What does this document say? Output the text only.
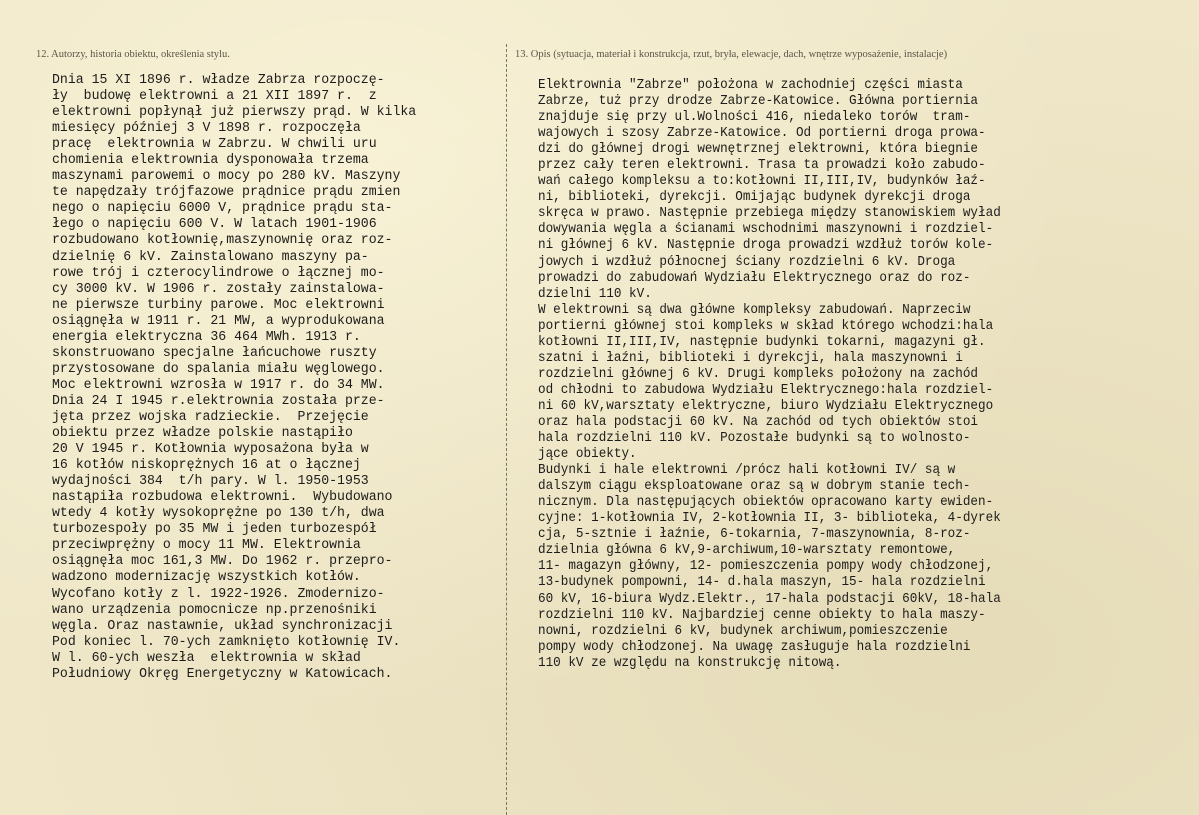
12. Autorzy, historia obiektu, określenia stylu.	13. Opis (sytuacja, materiał i konstrukcja, rzut, bryła, elewacje, dach, wnętrze wyposażenie, instalacje)
Dnia 15 XI 1896 r. władze Zabrza rozpoczę-
ły  budowę elektrowni a 21 XII 1897 r.  z
elektrowni popłynął już pierwszy prąd. W kilka
miesięcy później 3 V 1898 r. rozpoczęła
pracę  elektrownia w Zabrzu. W chwili uru
chomienia elektrownia dysponowała trzema
maszynami parowemi o mocy po 280 kV. Maszyny
te napędzały trójfazowe prądnice prądu zmien
nego o napięciu 6000 V, prądnice prądu sta-
łego o napięciu 600 V. W latach 1901-1906
rozbudowano kotłownię,maszynownię oraz roz-
dzielnię 6 kV. Zainstalowano maszyny pa-
rowe trój i czterocylindrowe o łącznej mo-
cy 3000 kV. W 1906 r. zostały zainstalowa-
ne pierwsze turbiny parowe. Moc elektrowni
osiągnęła w 1911 r. 21 MW, a wyprodukowana
energia elektryczna 36 464 MWh. 1913 r.
skonstruowano specjalne łańcuchowe ruszty
przystosowane do spalania miału węglowego.
Moc elektrowni wzrosła w 1917 r. do 34 MW.
Dnia 24 I 1945 r.elektrownia została prze-
jęta przez wojska radzieckie.  Przejęcie
obiektu przez władze polskie nastąpiło
20 V 1945 r. Kotłownia wyposażona była w
16 kotłów niskoprężnych 16 at o łącznej
wydajności 384  t/h pary. W l. 1950-1953
nastąpiła rozbudowa elektrowni.  Wybudowano
wtedy 4 kotły wysokoprężne po 130 t/h, dwa
turbozespoły po 35 MW i jeden turbozespół
przeciwprężny o mocy 11 MW. Elektrownia
osiągnęła moc 161,3 MW. Do 1962 r. przepro-
wadzono modernizację wszystkich kotłów.
Wycofano kotły z l. 1922-1926. Zmodernizo-
wano urządzenia pomocnicze np.przenośniki
węgla. Oraz nastawnie, układ synchronizacji
Pod koniec l. 70-ych zamknięto kotłownię IV.
W l. 60-ych weszła  elektrownia w skład
Południowy Okręg Energetyczny w Katowicach.
Elektrownia "Zabrze" położona w zachodniej części miasta
Zabrze, tuż przy drodze Zabrze-Katowice. Główna portiernia
znajduje się przy ul.Wolności 416, niedaleko torów  tram-
wajowych i szosy Zabrze-Katowice. Od portierni droga prowa-
dzi do głównej drogi wewnętrznej elektrowni, która biegnie
przez cały teren elektrowni. Trasa ta prowadzi koło zabudo-
wań całego kompleksu a to:kotłowni II,III,IV, budynków łaź-
ni, biblioteki, dyrekcji. Omijając budynek dyrekcji droga
skręca w prawo. Następnie przebiega między stanowiskiem wyład
dowywania węgla a ścianami wschodnimi maszynowni i rozdziel-
ni głównej 6 kV. Następnie droga prowadzi wzdłuż torów kole-
jowych i wzdłuż północnej ściany rozdzielni 6 kV. Droga
prowadzi do zabudowań Wydziału Elektrycznego oraz do roz-
dzielni 110 kV.
W elektrowni są dwa główne kompleksy zabudowań. Naprzeciw
portierni głównej stoi kompleks w skład którego wchodzi:hala
kotłowni II,III,IV, następnie budynki tokarni, magazyni gł.
szatni i łaźni, biblioteki i dyrekcji, hala maszynowni i
rozdzielni głównej 6 kV. Drugi kompleks położony na zachód
od chłodni to zabudowa Wydziału Elektrycznego:hala rozdziel-
ni 60 kV,warsztaty elektryczne, biuro Wydziału Elektrycznego
oraz hala podstacji 60 kV. Na zachód od tych obiektów stoi
hala rozdzielni 110 kV. Pozostałe budynki są to wolnosto-
jące obiekty.
Budynki i hale elektrowni /prócz hali kotłowni IV/ są w
dalszym ciągu eksploatowane oraz są w dobrym stanie tech-
nicznym. Dla następujących obiektów opracowano karty ewiden-
cyjne: 1-kotłownia IV, 2-kotłownia II, 3- biblioteka, 4-dyrek
cja, 5-sztnie i łaźnie, 6-tokarnia, 7-maszynownia, 8-roz-
dzielnia główna 6 kV,9-archiwum,10-warsztaty remontowe,
11- magazyn główny, 12- pomieszczenia pompy wody chłodzonej,
13-budynek pompowni, 14- d.hala maszyn, 15- hala rozdzielni
60 kV, 16-biura Wydz.Elektr., 17-hala podstacji 60kV, 18-hala
rozdzielni 110 kV. Najbardziej cenne obiekty to hala maszy-
nowni, rozdzielni 6 kV, budynek archiwum,pomieszczenie
pompy wody chłodzonej. Na uwagę zasługuje hala rozdzielni
110 kV ze względu na konstrukcję nitową.
